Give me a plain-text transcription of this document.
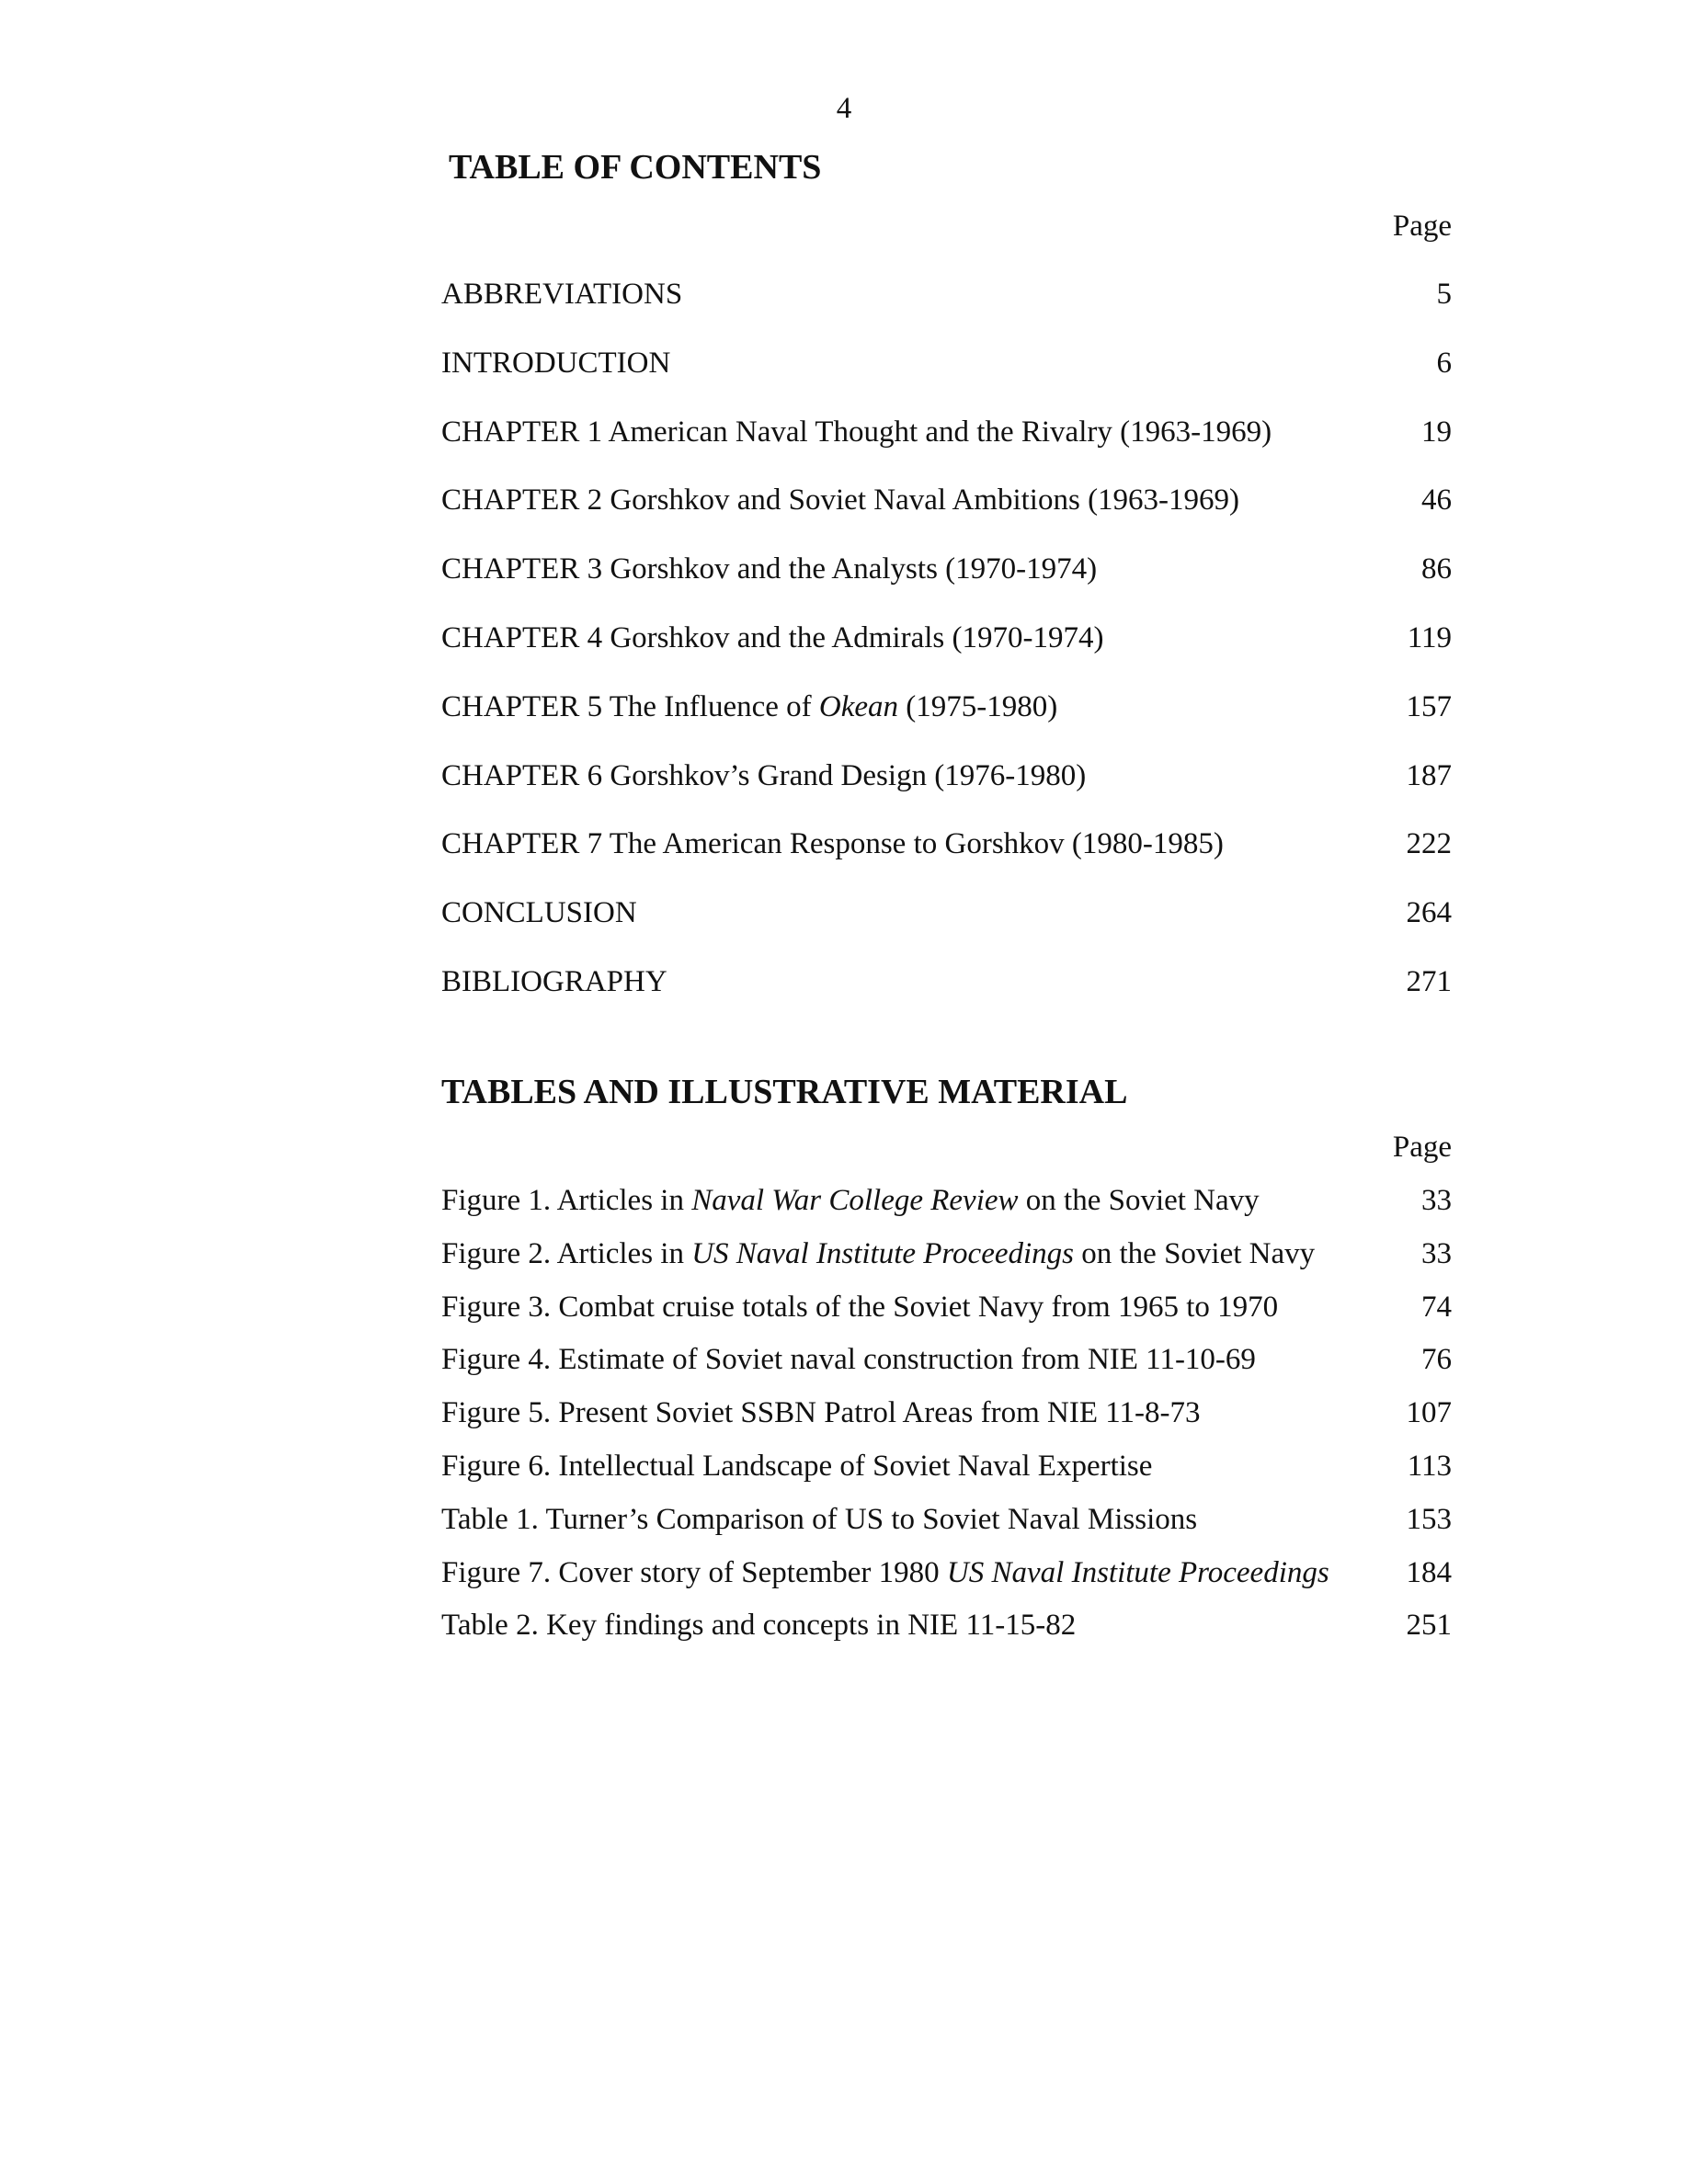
4
TABLE OF CONTENTS
Page
ABBREVIATIONS	5
INTRODUCTION	6
CHAPTER 1 American Naval Thought and the Rivalry (1963-1969)	19
CHAPTER 2 Gorshkov and Soviet Naval Ambitions (1963-1969)	46
CHAPTER 3 Gorshkov and the Analysts (1970-1974)	86
CHAPTER 4 Gorshkov and the Admirals (1970-1974)	119
CHAPTER 5 The Influence of Okean (1975-1980)	157
CHAPTER 6 Gorshkov’s Grand Design (1976-1980)	187
CHAPTER 7 The American Response to Gorshkov (1980-1985)	222
CONCLUSION	264
BIBLIOGRAPHY	271
TABLES AND ILLUSTRATIVE MATERIAL
Page
Figure 1. Articles in Naval War College Review on the Soviet Navy	33
Figure 2. Articles in US Naval Institute Proceedings on the Soviet Navy	33
Figure 3. Combat cruise totals of the Soviet Navy from 1965 to 1970	74
Figure 4. Estimate of Soviet naval construction from NIE 11-10-69	76
Figure 5. Present Soviet SSBN Patrol Areas from NIE 11-8-73	107
Figure 6. Intellectual Landscape of Soviet Naval Expertise	113
Table 1. Turner’s Comparison of US to Soviet Naval Missions	153
Figure 7. Cover story of September 1980 US Naval Institute Proceedings	184
Table 2. Key findings and concepts in NIE 11-15-82	251
